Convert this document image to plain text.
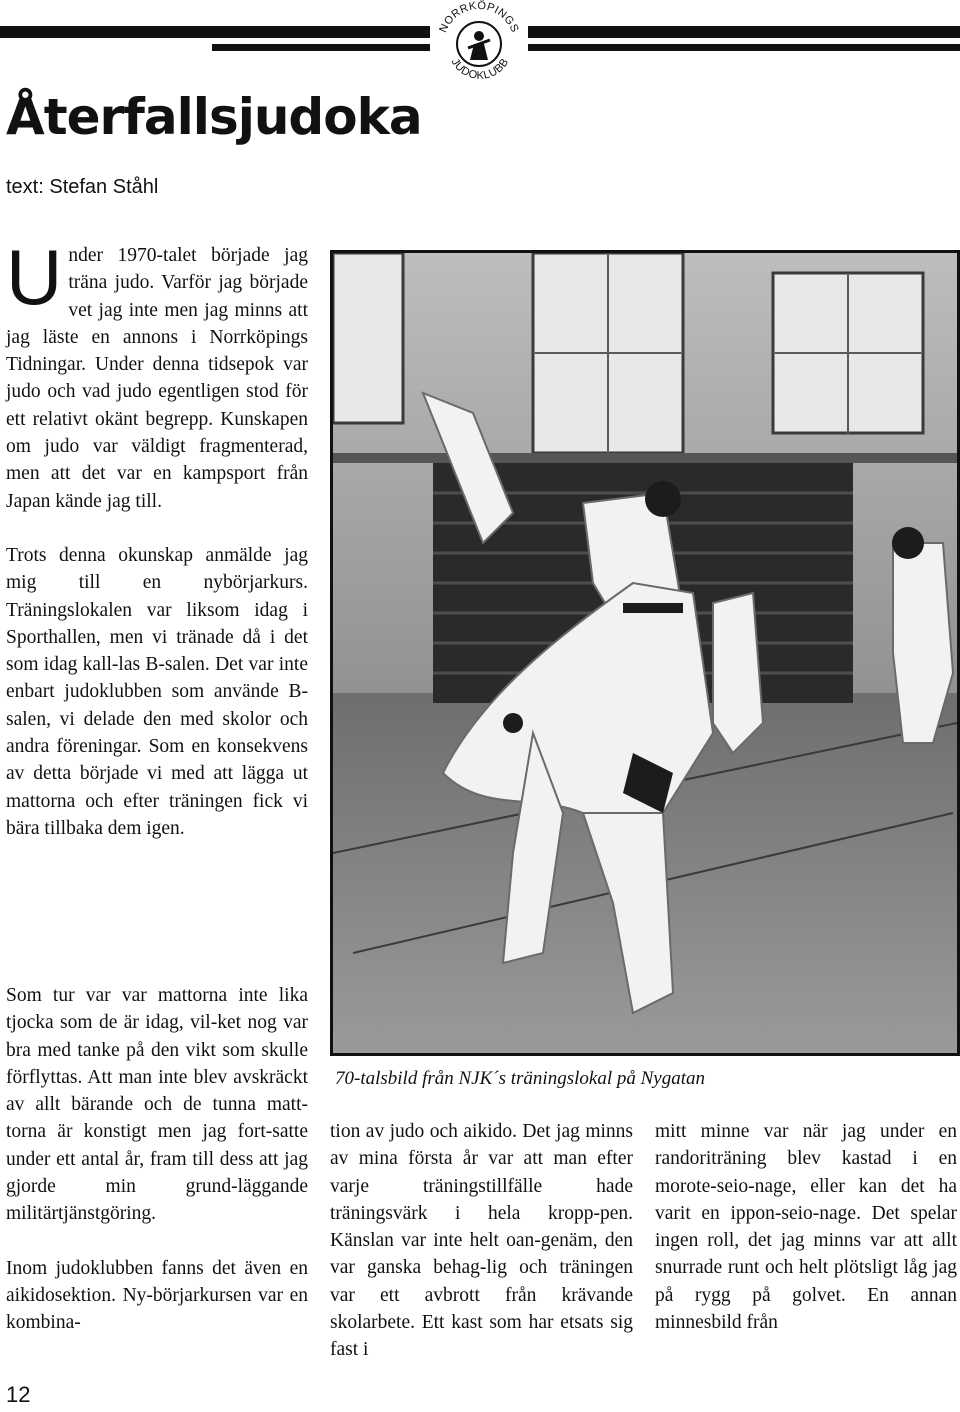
NORRKÖPINGS
JUDOKLUBB
Återfallsjudoka
text: Stefan Ståhl

Under 1970-talet började jag träna judo. Varför jag började vet jag inte men jag minns att jag läste en annons i Norrköpings Tidningar. Under denna tidsepok var judo och vad judo egentligen stod för ett relativt okänt begrepp. Kunskapen om judo var väldigt fragmenterad, men att det var en kampsport från Japan kände jag till.

Trots denna okunskap anmälde jag mig till en nybörjarkurs. Träningslokalen var liksom idag i Sporthallen, men vi tränade då i det som idag kall-las B-salen. Det var inte enbart judoklubben som använde B-salen, vi delade den med skolor och andra föreningar. Som en konsekvens av detta började vi med att lägga ut mattorna och efter träningen fick vi bära tillbaka dem igen.

70-talsbild från NJK´s träningslokal på Nygatan

Som tur var var mattorna inte lika tjocka som de är idag, vil-ket nog var bra med tanke på den vikt som skulle förflyttas. Att man inte blev avskräckt av allt bärande och de tunna matt-torna är konstigt men jag fort-satte under ett antal år, fram till dess att jag gjorde min grund-läggande militärtjänstgöring.

Inom judoklubben fanns det även en aikidosektion. Ny-börjarkursen var en kombina-

tion av judo och aikido. Det jag minns av mina första år var att man efter varje träningstillfälle hade träningsvärk i hela kropp-pen. Känslan var inte helt oan-genäm, den var ganska behag-lig och träningen var ett avbrott från krävande skolarbete. Ett kast som har etsats sig fast i

mitt minne var när jag under en randoriträning blev kastad i en morote-seio-nage, eller kan det ha varit en ippon-seio-nage. Det spelar ingen roll, det jag minns var att allt snurrade runt och helt plötsligt låg jag på rygg på golvet. En annan minnesbild från

12
